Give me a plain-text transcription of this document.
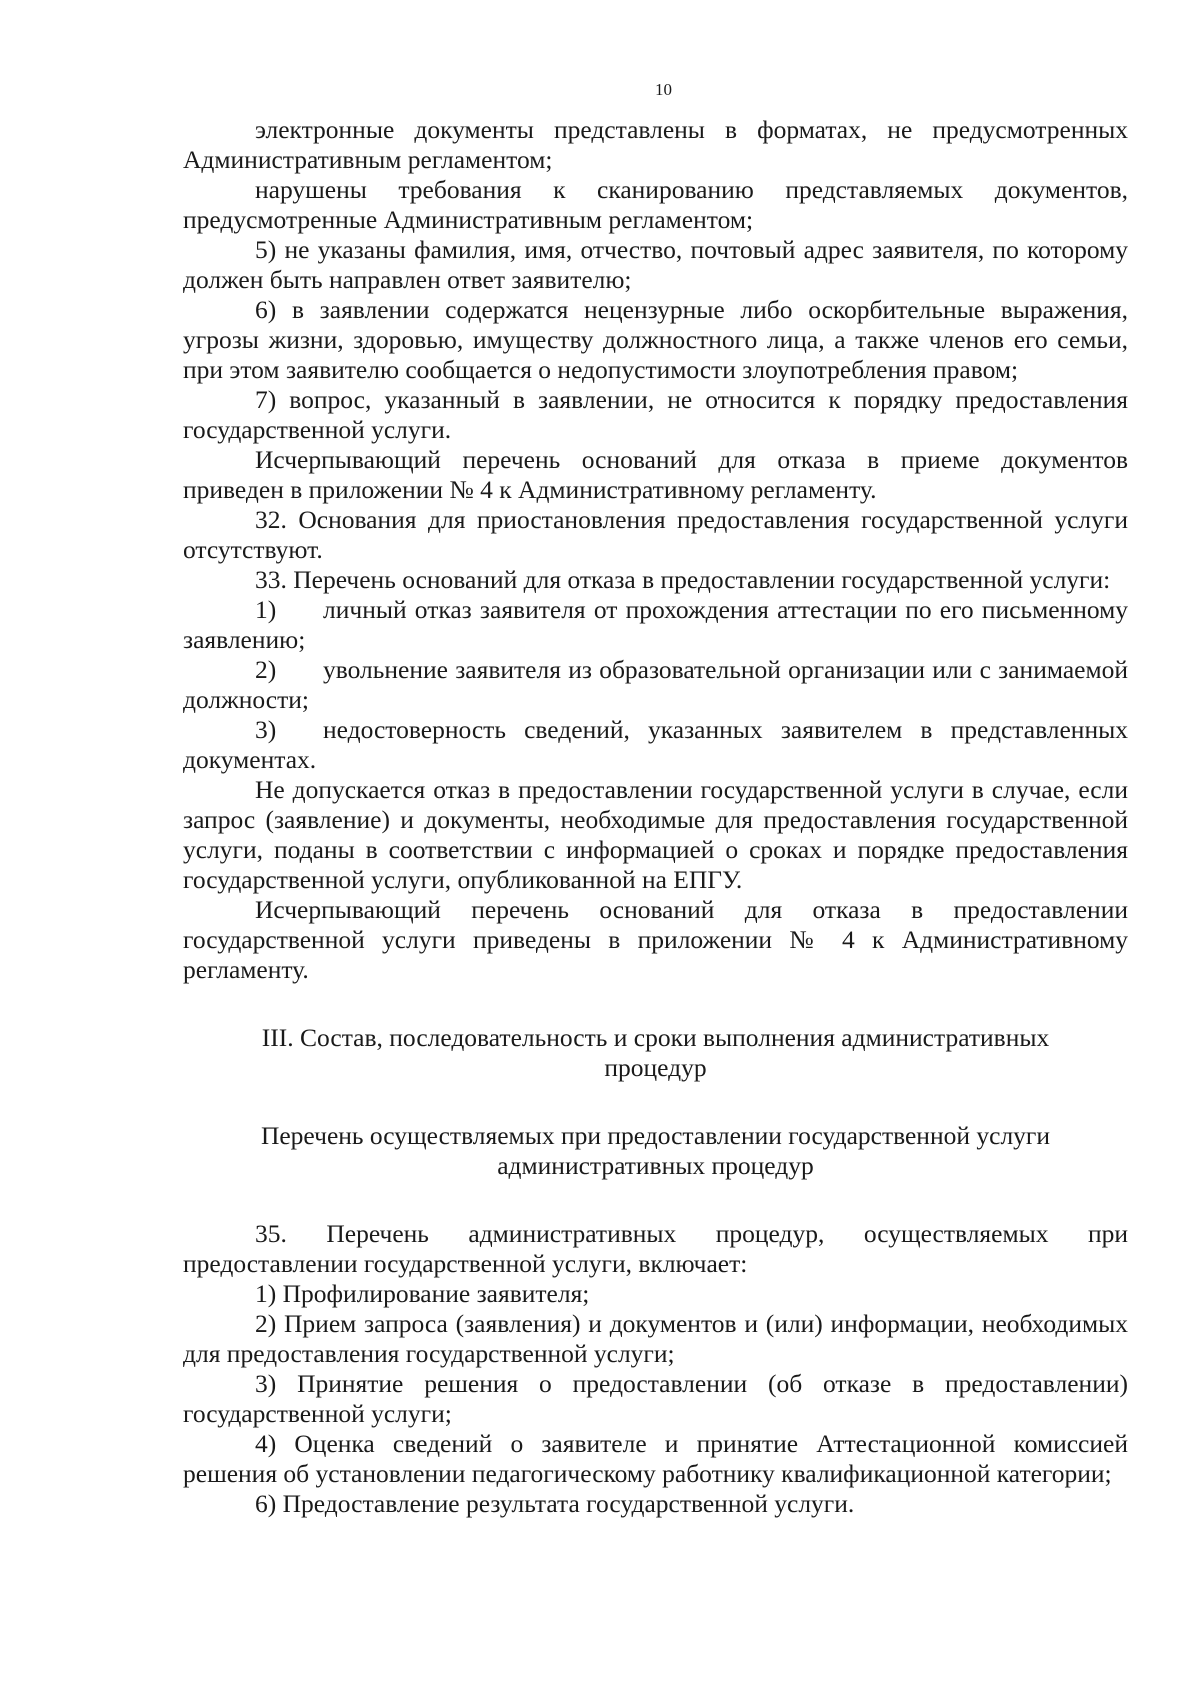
10

электронные документы представлены в форматах, не предусмотренных Административным регламентом;

нарушены требования к сканированию представляемых документов, предусмотренные Административным регламентом;

5) не указаны фамилия, имя, отчество, почтовый адрес заявителя, по которому должен быть направлен ответ заявителю;

6) в заявлении содержатся нецензурные либо оскорбительные выражения, угрозы жизни, здоровью, имуществу должностного лица, а также членов его семьи, при этом заявителю сообщается о недопустимости злоупотребления правом;

7) вопрос, указанный в заявлении, не относится к порядку предоставления государственной услуги.

Исчерпывающий перечень оснований для отказа в приеме документов приведен в приложении № 4 к Административному регламенту.

32. Основания для приостановления предоставления государственной услуги отсутствуют.

33. Перечень оснований для отказа в предоставлении государственной услуги:

1) личный отказ заявителя от прохождения аттестации по его письменному заявлению;
2) увольнение заявителя из образовательной организации или с занимаемой должности;
3) недостоверность сведений, указанных заявителем в представленных документах.

Не допускается отказ в предоставлении государственной услуги в случае, если запрос (заявление) и документы, необходимые для предоставления государственной услуги, поданы в соответствии с информацией о сроках и порядке предоставления государственной услуги, опубликованной на ЕПГУ.

Исчерпывающий перечень оснований для отказа в предоставлении государственной услуги приведены в приложении № 4 к Административному регламенту.

III. Состав, последовательность и сроки выполнения административных процедур

Перечень осуществляемых при предоставлении государственной услуги административных процедур

35. Перечень административных процедур, осуществляемых при предоставлении государственной услуги, включает:

1) Профилирование заявителя;

2) Прием запроса (заявления) и документов и (или) информации, необходимых для предоставления государственной услуги;

3) Принятие решения о предоставлении (об отказе в предоставлении) государственной услуги;

4) Оценка сведений о заявителе и принятие Аттестационной комиссией решения об установлении педагогическому работнику квалификационной категории;

6) Предоставление результата государственной услуги.
